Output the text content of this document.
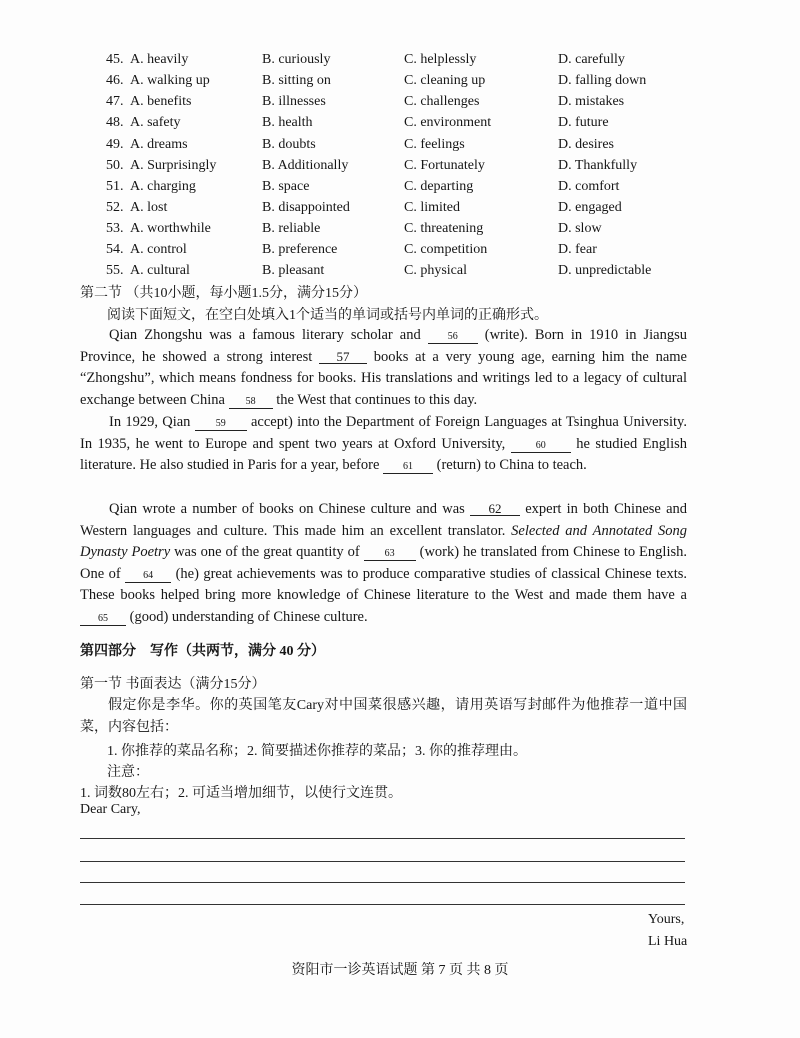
45. A. heavily	B. curiously	C. helplessly	D. carefully
46. A. walking up	B. sitting on	C. cleaning up	D. falling down
47. A. benefits	B. illnesses	C. challenges	D. mistakes
48. A. safety	B. health	C. environment	D. future
49. A. dreams	B. doubts	C. feelings	D. desires
50. A. Surprisingly	B. Additionally	C. Fortunately	D. Thankfully
51. A. charging	B. space	C. departing	D. comfort
52. A. lost	B. disappointed	C. limited	D. engaged
53. A. worthwhile	B. reliable	C. threatening	D. slow
54. A. control	B. preference	C. competition	D. fear
55. A. cultural	B. pleasant	C. physical	D. unpredictable
第二节 （共10小题，每小题1.5分，满分15分）
阅读下面短文，在空白处填入1个适当的单词或括号内单词的正确形式。
Qian Zhongshu was a famous literary scholar and 56 (write). Born in 1910 in Jiangsu Province, he showed a strong interest 57 books at a very young age, earning him the name “Zhongshu”, which means fondness for books. His translations and writings led to a legacy of cultural exchange between China 58 the West that continues to this day.
In 1929, Qian 59 accept) into the Department of Foreign Languages at Tsinghua University. In 1935, he went to Europe and spent two years at Oxford University,	60 he studied English literature. He also studied in Paris for a year, before 61 (return) to China to teach.
Qian wrote a number of books on Chinese culture and was 62 expert in both Chinese and Western languages and culture. This made him an excellent translator. Selected and Annotated Song Dynasty Poetry was one of the great quantity of 63 (work) he translated from Chinese to English. One of 64 (he) great achievements was to produce comparative studies of classical Chinese texts. These books helped bring more knowledge of Chinese literature to the West and made them have a 65 (good) understanding of Chinese culture.
第四部分　写作（共两节，满分 40 分）
第一节 书面表达（满分15分）
假定你是李华。你的英国笔友Cary对中国菜很感兴趣，请用英语写封邮件为他推荐一道中国菜，内容包括：
1. 你推荐的菜品名称；2. 简要描述你推荐的菜品；3. 你的推荐理由。
注意：
1. 词数80左右；2. 可适当增加细节，以使行文连贯。
Dear Cary,
Yours,
Li Hua
资阳市一诊英语试题 第 7 页 共 8 页
